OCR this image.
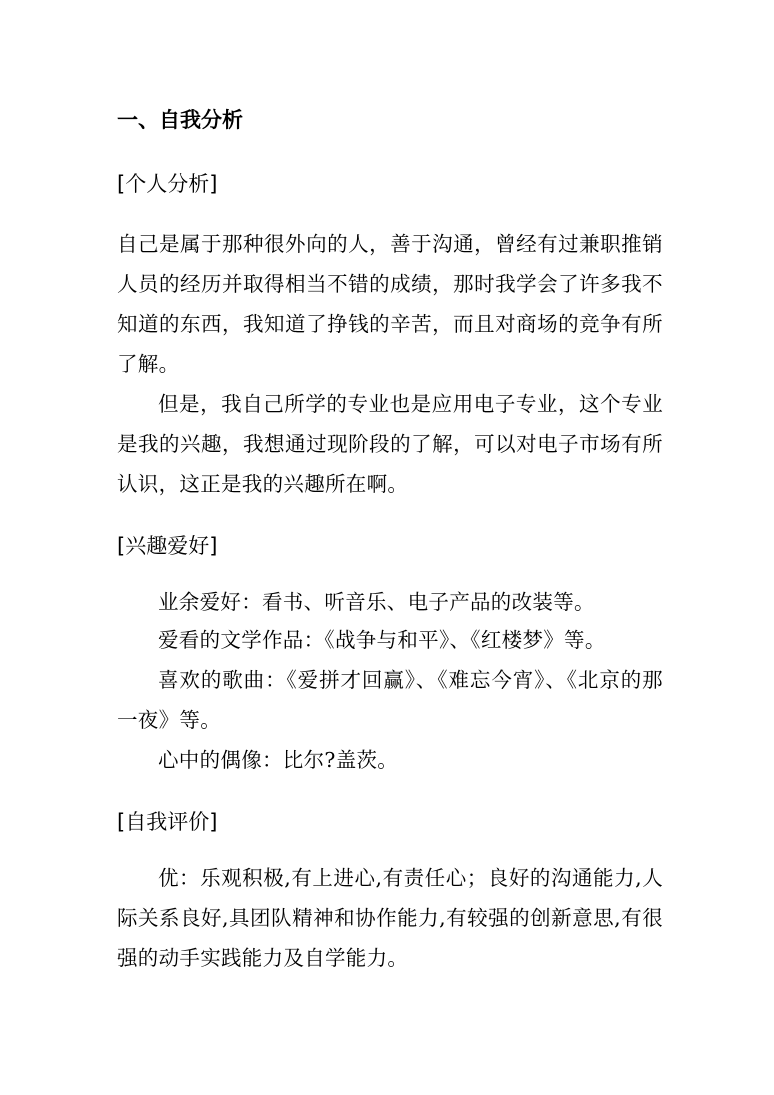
一、自我分析
[个人分析]

自己是属于那种很外向的人，善于沟通，曾经有过兼职推销人员的经历并取得相当不错的成绩，那时我学会了许多我不知道的东西，我知道了挣钱的辛苦，而且对商场的竞争有所了解。

但是，我自己所学的专业也是应用电子专业，这个专业是我的兴趣，我想通过现阶段的了解，可以对电子市场有所认识，这正是我的兴趣所在啊。

[兴趣爱好]
业余爱好：看书、听音乐、电子产品的改装等。
爱看的文学作品：《战争与和平》、《红楼梦》等。

喜欢的歌曲：《爱拼才回赢》、《难忘今宵》、《北京的那一夜》等。

心中的偶像：比尔?盖茨。
[自我评价]

优：乐观积极,有上进心,有责任心；良好的沟通能力,人际关系良好,具团队精神和协作能力,有较强的创新意思,有很强的动手实践能力及自学能力。
